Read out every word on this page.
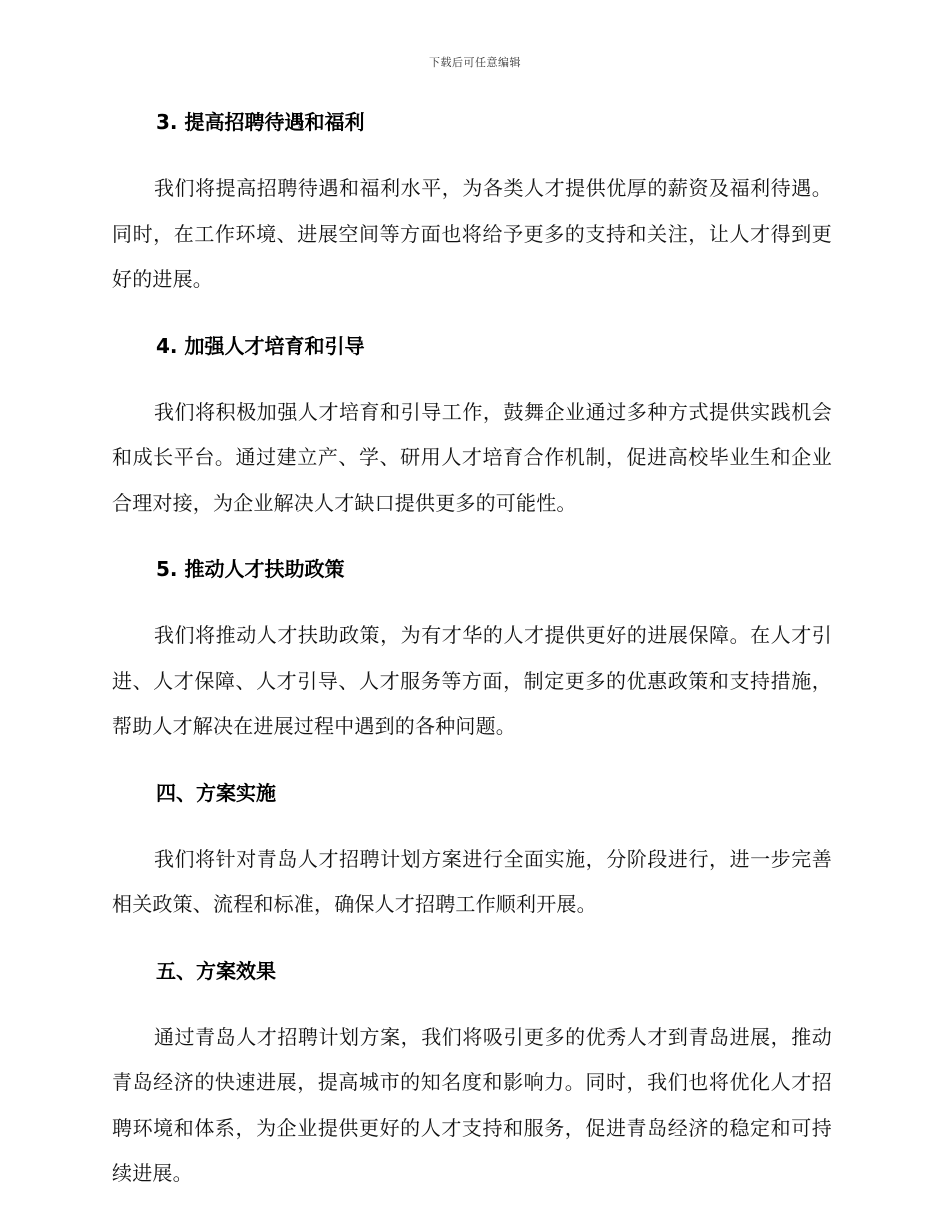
下载后可任意编辑
3. 提高招聘待遇和福利

我们将提高招聘待遇和福利水平，为各类人才提供优厚的薪资及福利待遇。同时，在工作环境、进展空间等方面也将给予更多的支持和关注，让人才得到更好的进展。

4. 加强人才培育和引导

我们将积极加强人才培育和引导工作，鼓舞企业通过多种方式提供实践机会和成长平台。通过建立产、学、研用人才培育合作机制，促进高校毕业生和企业合理对接，为企业解决人才缺口提供更多的可能性。

5. 推动人才扶助政策

我们将推动人才扶助政策，为有才华的人才提供更好的进展保障。在人才引进、人才保障、人才引导、人才服务等方面，制定更多的优惠政策和支持措施，帮助人才解决在进展过程中遇到的各种问题。

四、方案实施

我们将针对青岛人才招聘计划方案进行全面实施，分阶段进行，进一步完善相关政策、流程和标准，确保人才招聘工作顺利开展。

五、方案效果

通过青岛人才招聘计划方案，我们将吸引更多的优秀人才到青岛进展，推动青岛经济的快速进展，提高城市的知名度和影响力。同时，我们也将优化人才招聘环境和体系，为企业提供更好的人才支持和服务，促进青岛经济的稳定和可持续进展。
